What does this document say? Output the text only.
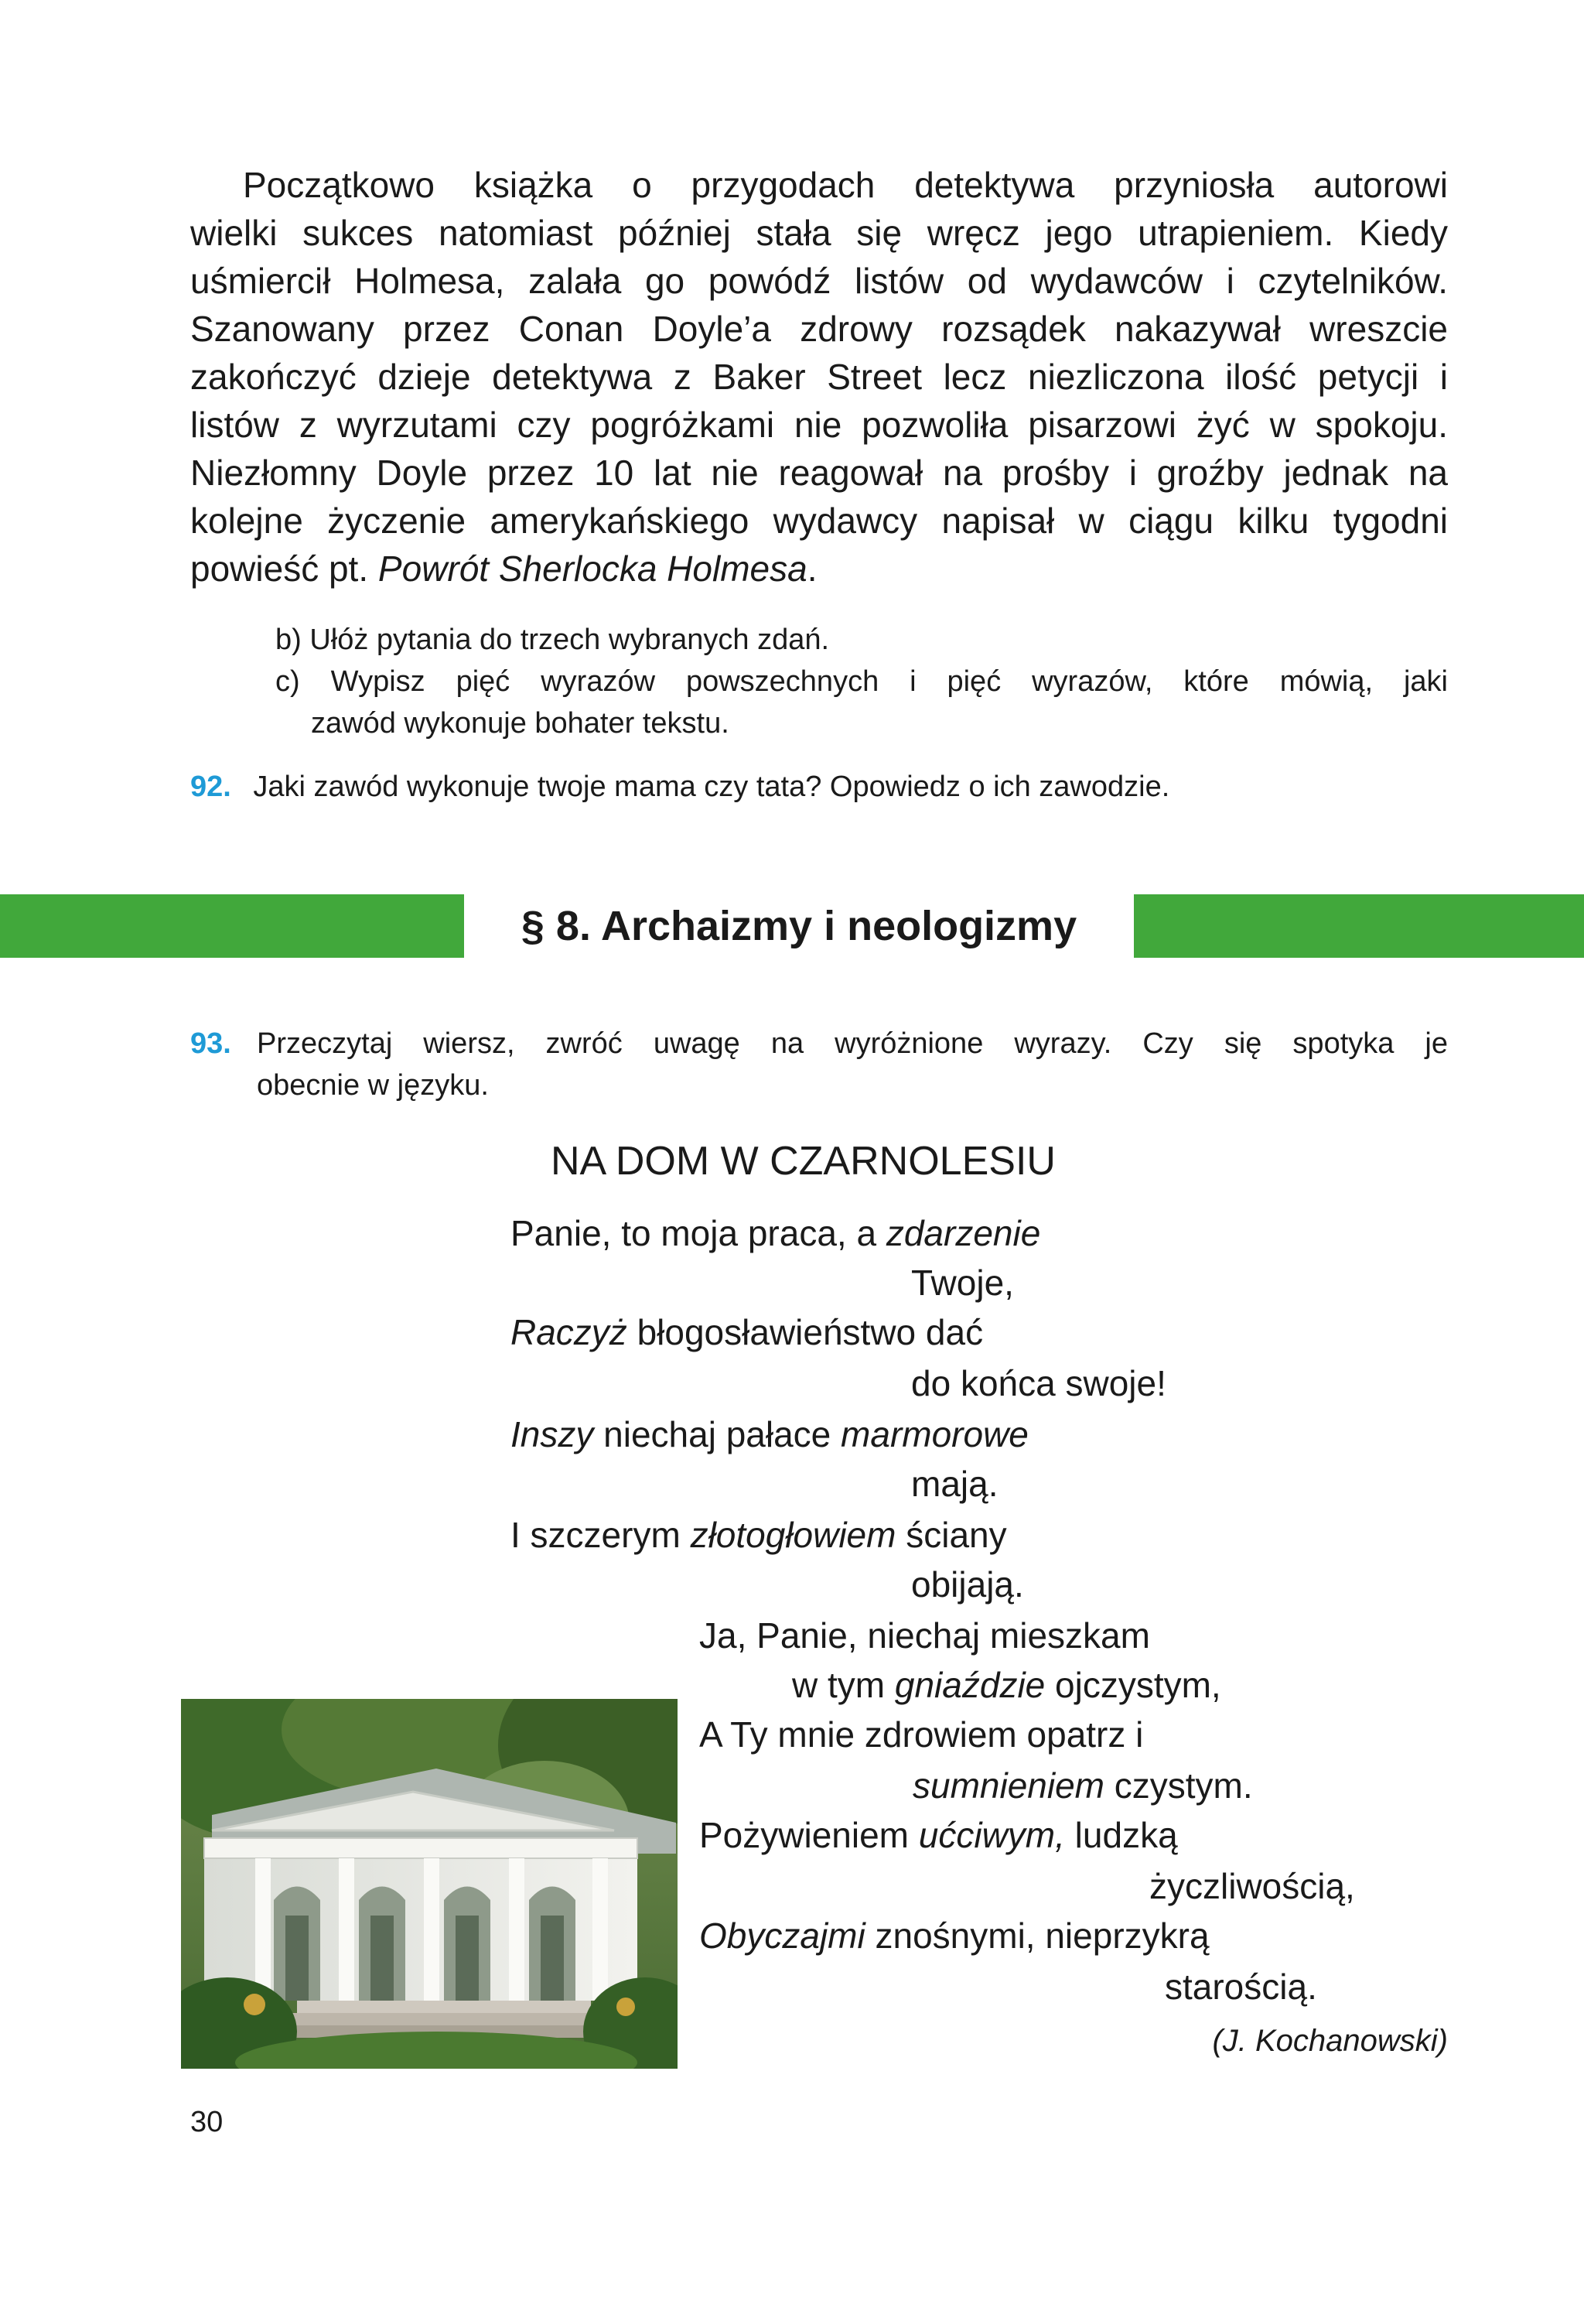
Początkowo książka o przygodach detektywa przyniosła autorowi
wielki sukces natomiast później stała się wręcz jego utrapieniem. Kiedy
uśmiercił Holmesa, zalała go powódź listów od wydawców i czytelników.
Szanowany przez Conan Doyle’a zdrowy rozsądek nakazywał wreszcie
zakończyć dzieje detektywa z Baker Street lecz niezliczona ilość petycji i
listów z wyrzutami czy pogróżkami nie pozwoliła pisarzowi żyć w spokoju.
Niezłomny Doyle przez 10 lat nie reagował na prośby i groźby jednak na
kolejne życzenie amerykańskiego wydawcy napisał w ciągu kilku tygodni
powieść pt. Powrót Sherlocka Holmesa.
b) Ułóż pytania do trzech wybranych zdań.
c) Wypisz pięć wyrazów powszechnych i pięć wyrazów, które mówią, jaki
zawód wykonuje bohater tekstu.
92. Jaki zawód wykonuje twoje mama czy tata? Opowiedz o ich zawodzie.
§ 8. Archaizmy i neologizmy
93. Przeczytaj wiersz, zwróć uwagę na wyróżnione wyrazy. Czy się spotyka je
obecnie w języku.
NA DOM W CZARNOLESIU
Panie, to moja praca, a zdarzenie
Twoje,
Raczyż błogosławieństwo dać
do końca swoje!
Inszy niechaj pałace marmorowe
mają.
I szczerym złotogłowiem ściany
obijają.
Ja, Panie, niechaj mieszkam
w tym gniaździe ojczystym,
A Ty mnie zdrowiem opatrz i
sumnieniem czystym.
Pożywieniem ućciwym, ludzką
życzliwością,
Obyczajmi znośnymi, nieprzykrą
starością.
(J. Kochanowski)
30
